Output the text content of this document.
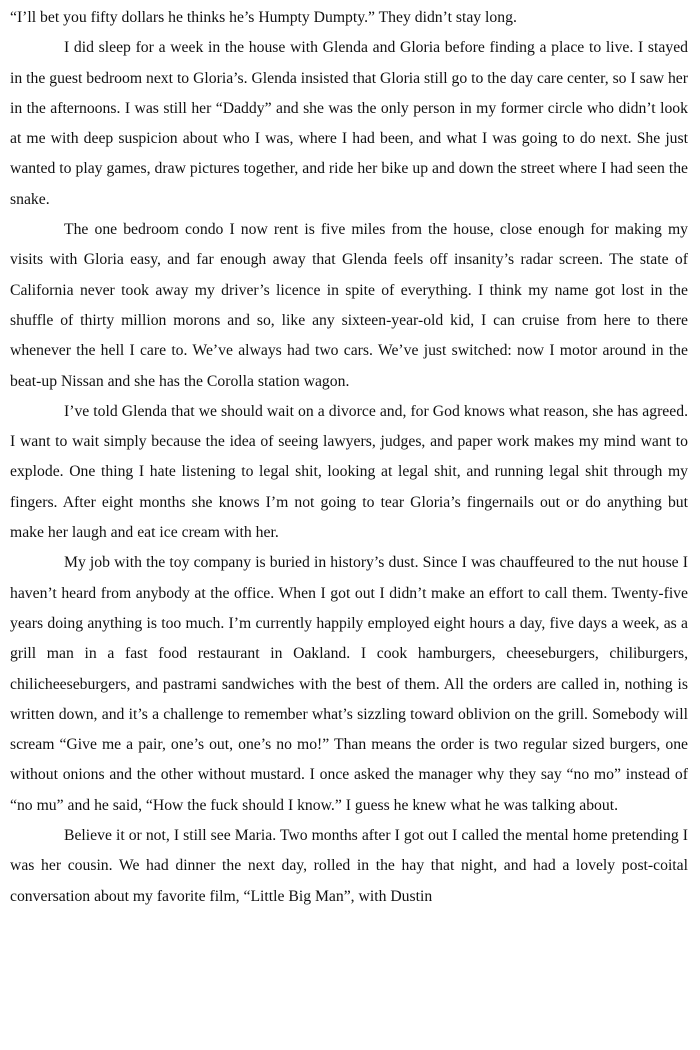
“I’ll bet you fifty dollars he thinks he’s Humpty Dumpty.” They didn’t stay long.

I did sleep for a week in the house with Glenda and Gloria before finding a place to live. I stayed in the guest bedroom next to Gloria’s. Glenda insisted that Gloria still go to the day care center, so I saw her in the afternoons. I was still her “Daddy” and she was the only person in my former circle who didn’t look at me with deep suspicion about who I was, where I had been, and what I was going to do next. She just wanted to play games, draw pictures together, and ride her bike up and down the street where I had seen the snake.

The one bedroom condo I now rent is five miles from the house, close enough for making my visits with Gloria easy, and far enough away that Glenda feels off insanity’s radar screen. The state of California never took away my driver’s licence in spite of everything. I think my name got lost in the shuffle of thirty million morons and so, like any sixteen-year-old kid, I can cruise from here to there whenever the hell I care to. We’ve always had two cars. We’ve just switched: now I motor around in the beat-up Nissan and she has the Corolla station wagon.

I’ve told Glenda that we should wait on a divorce and, for God knows what reason, she has agreed. I want to wait simply because the idea of seeing lawyers, judges, and paper work makes my mind want to explode. One thing I hate listening to legal shit, looking at legal shit, and running legal shit through my fingers. After eight months she knows I’m not going to tear Gloria’s fingernails out or do anything but make her laugh and eat ice cream with her.

My job with the toy company is buried in history’s dust. Since I was chauffeured to the nut house I haven’t heard from anybody at the office. When I got out I didn’t make an effort to call them. Twenty-five years doing anything is too much. I’m currently happily employed eight hours a day, five days a week, as a grill man in a fast food restaurant in Oakland. I cook hamburgers, cheeseburgers, chiliburgers, chilicheeseburgers, and pastrami sandwiches with the best of them. All the orders are called in, nothing is written down, and it’s a challenge to remember what’s sizzling toward oblivion on the grill. Somebody will scream “Give me a pair, one’s out, one’s no mo!” Than means the order is two regular sized burgers, one without onions and the other without mustard. I once asked the manager why they say “no mo” instead of “no mu” and he said, “How the fuck should I know.” I guess he knew what he was talking about.

Believe it or not, I still see Maria. Two months after I got out I called the mental home pretending I was her cousin. We had dinner the next day, rolled in the hay that night, and had a lovely post-coital conversation about my favorite film, “Little Big Man”, with Dustin
